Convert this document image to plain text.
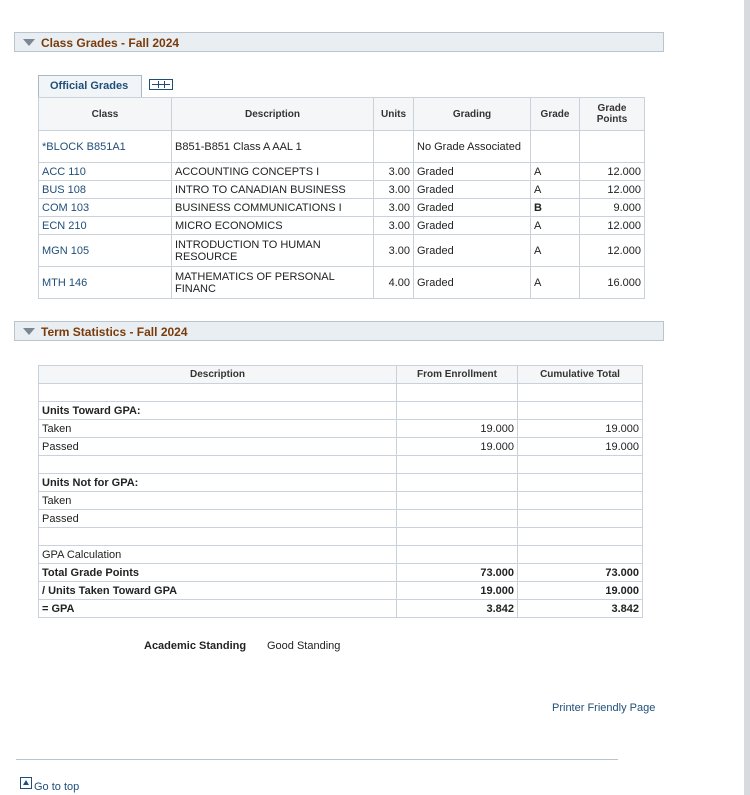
Class Grades - Fall 2024
Official Grades
Class	Description	Units	Grading	Grade	Grade Points
*BLOCK B851A1	B851-B851 Class A AAL 1		No Grade Associated		
ACC 110	ACCOUNTING CONCEPTS I	3.00	Graded	A	12.000
BUS 108	INTRO TO CANADIAN BUSINESS	3.00	Graded	A	12.000
COM 103	BUSINESS COMMUNICATIONS I	3.00	Graded	B	9.000
ECN 210	MICRO ECONOMICS	3.00	Graded	A	12.000
MGN 105	INTRODUCTION TO HUMAN RESOURCE	3.00	Graded	A	12.000
MTH 146	MATHEMATICS OF PERSONAL FINANC	4.00	Graded	A	16.000
Term Statistics - Fall 2024
Description	From Enrollment	Cumulative Total

Units Toward GPA:		
Taken	19.000	19.000
Passed	19.000	19.000

Units Not for GPA:		
Taken		
Passed		

GPA Calculation		
Total Grade Points	73.000	73.000
/ Units Taken Toward GPA	19.000	19.000
= GPA	3.842	3.842
Academic Standing Good Standing
Printer Friendly Page
Go to top
